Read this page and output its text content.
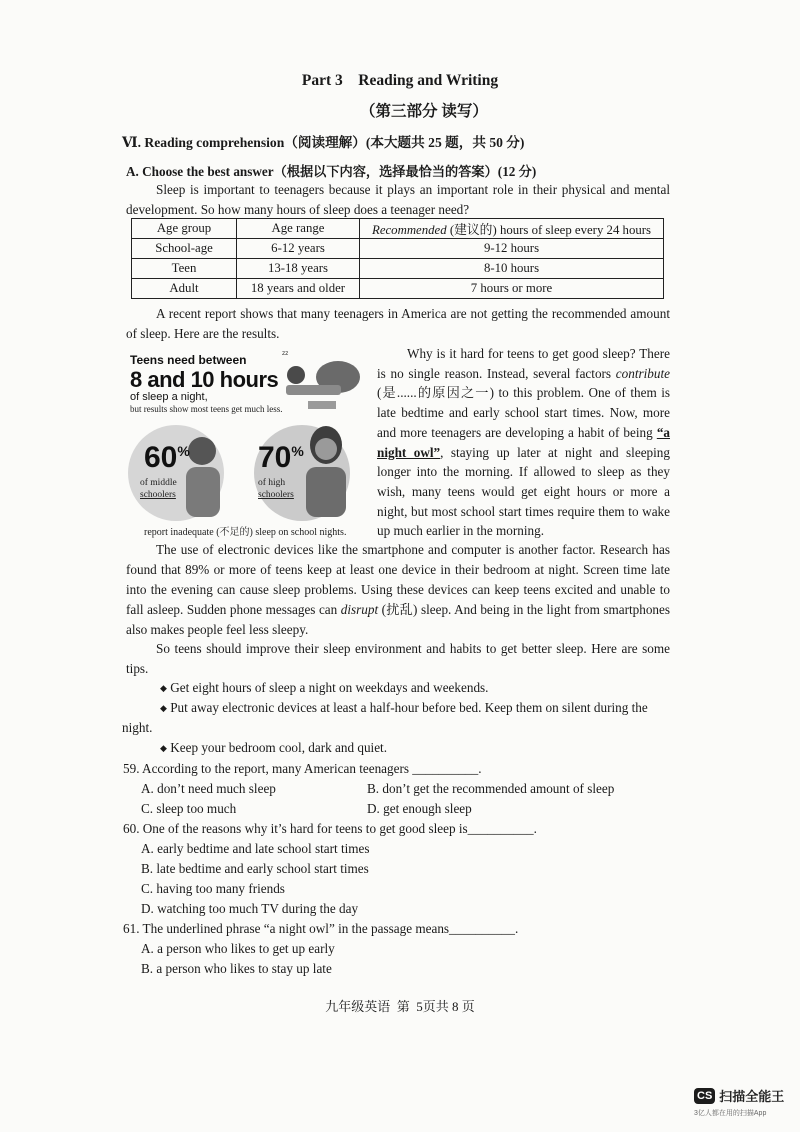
Part 3    Reading and Writing
（第三部分 读写）
Ⅵ. Reading comprehension（阅读理解）(本大题共 25 题，共 50 分)
A. Choose the best answer（根据以下内容，选择最恰当的答案）(12 分)
Sleep is important to teenagers because it plays an important role in their physical and mental development. So how many hours of sleep does a teenager need?
Age group	Age range	Recommended (建议的) hours of sleep every 24 hours
School-age	6-12 years	9-12 hours
Teen	13-18 years	8-10 hours
Adult	18 years and older	7 hours or more
A recent report shows that many teenagers in America are not getting the recommended amount of sleep. Here are the results.
Teens need between
8 and 10 hours
of sleep a night,
but results show most teens get much less.
zz
60%
of middle
schoolers
70%
of high
schoolers
report inadequate (不足的) sleep on school nights.
Why is it hard for teens to get good sleep? There is no single reason. Instead, several factors contribute (是......的原因之一) to this problem. One of them is late bedtime and early school start times. Now, more and more teenagers are developing a habit of being “a night owl”, staying up later at night and sleeping longer into the morning. If allowed to sleep as they wish, many teens would get eight hours or more a night, but most school start times require them to wake up much earlier in the morning.
The use of electronic devices like the smartphone and computer is another factor. Research has found that 89% or more of teens keep at least one device in their bedroom at night. Screen time late into the evening can cause sleep problems. Using these devices can keep teens excited and unable to fall asleep. Sudden phone messages can disrupt (扰乱) sleep. And being in the light from smartphones also makes people feel less sleepy.
So teens should improve their sleep environment and habits to get better sleep. Here are some tips.
◆ Get eight hours of sleep a night on weekdays and weekends.
◆ Put away electronic devices at least a half-hour before bed. Keep them on silent during the
night.
◆ Keep your bedroom cool, dark and quiet.
59. According to the report, many American teenagers __________.
A. don’t need much sleep	B. don’t get the recommended amount of sleep
C. sleep too much	D. get enough sleep
60. One of the reasons why it’s hard for teens to get good sleep is__________.
A. early bedtime and late school start times
B. late bedtime and early school start times
C. having too many friends
D. watching too much TV during the day
61. The underlined phrase “a night owl” in the passage means__________.
A. a person who likes to get up early
B. a person who likes to stay up late
九年级英语  第  5页共 8 页
CS 扫描全能王
3亿人都在用的扫描App
